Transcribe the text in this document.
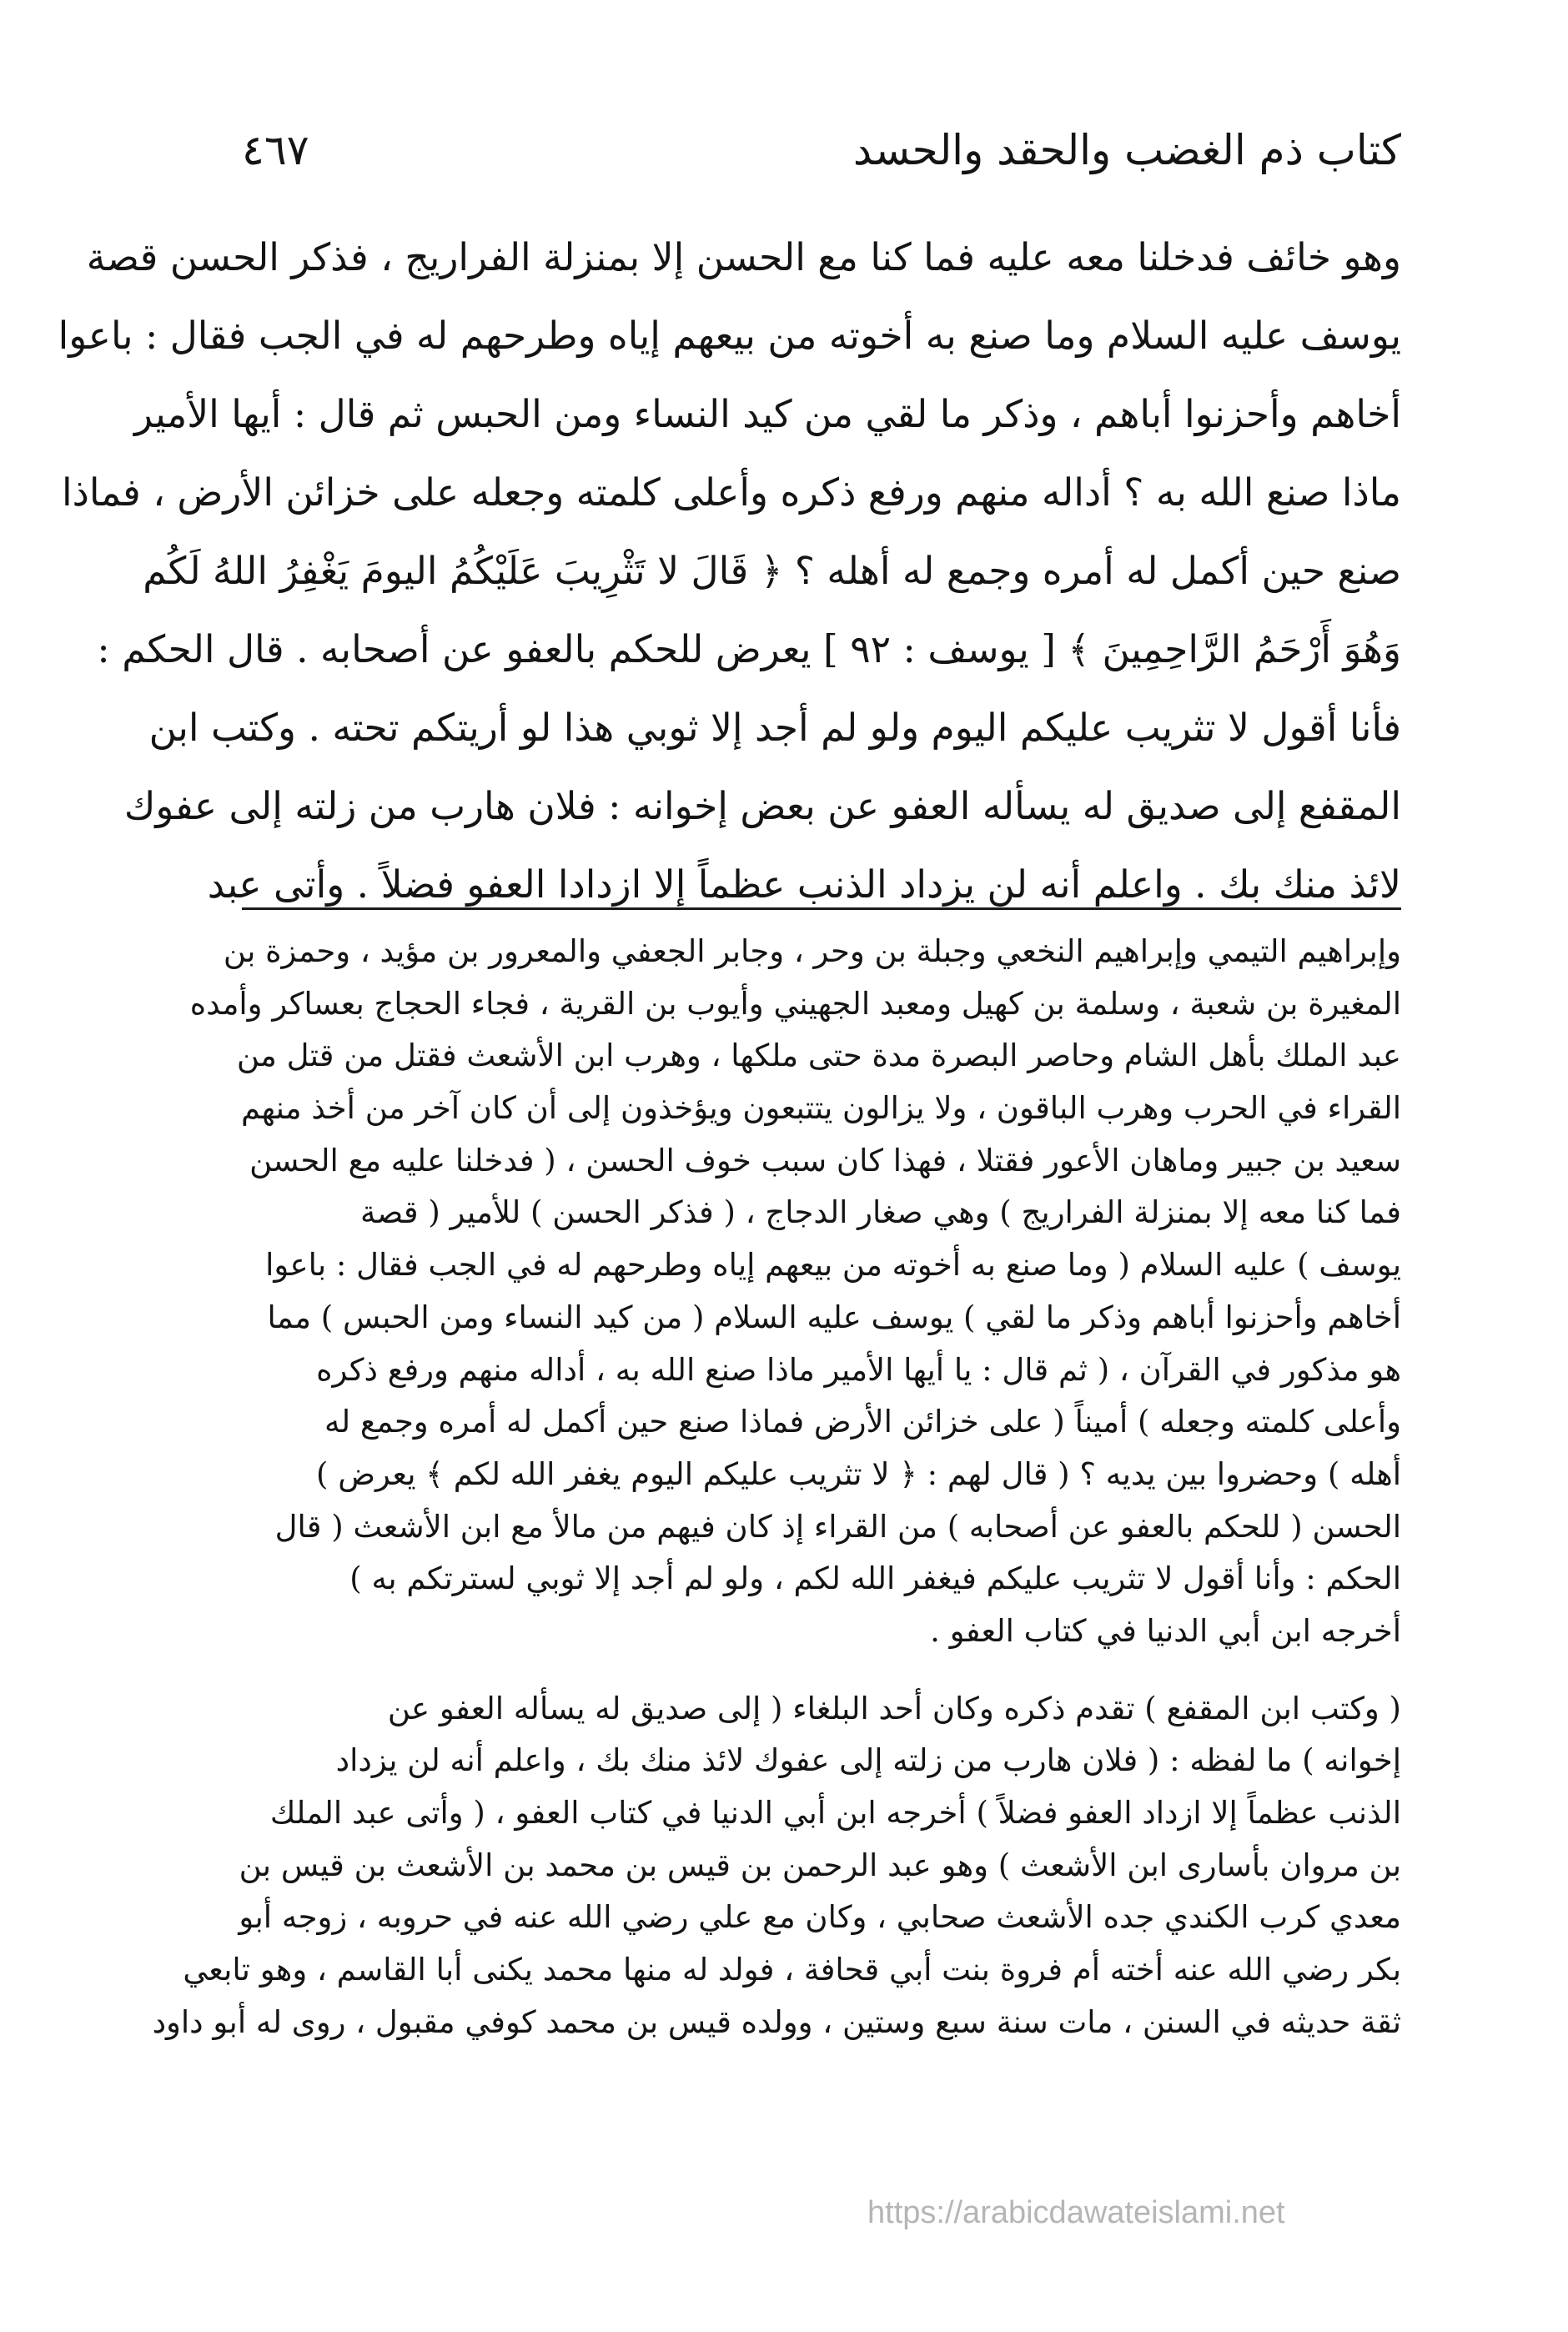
كتاب ذم الغضب والحقد والحسد
٤٦٧
وهو خائف فدخلنا معه عليه فما كنا مع الحسن إلا بمنزلة الفراريج ، فذكر الحسن قصة
يوسف عليه السلام وما صنع به أخوته من بيعهم إياه وطرحهم له في الجب فقال : باعوا
أخاهم وأحزنوا أباهم ، وذكر ما لقي من كيد النساء ومن الحبس ثم قال : أيها الأمير
ماذا صنع الله به ؟ أداله منهم ورفع ذكره وأعلى كلمته وجعله على خزائن الأرض ، فماذا
صنع حين أكمل له أمره وجمع له أهله ؟ ﴿ قَالَ لا تَثْرِيبَ عَلَيْكُمُ اليومَ يَغْفِرُ اللهُ لَكُم
وَهُوَ أَرْحَمُ الرَّاحِمِينَ ﴾ [ يوسف : ٩٢ ] يعرض للحكم بالعفو عن أصحابه . قال الحكم :
فأنا أقول لا تثريب عليكم اليوم ولو لم أجد إلا ثوبي هذا لو أريتكم تحته . وكتب ابن
المقفع إلى صديق له يسأله العفو عن بعض إخوانه : فلان هارب من زلته إلى عفوك
لائذ منك بك . واعلم أنه لن يزداد الذنب عظماً إلا ازدادا العفو فضلاً . وأتى عبد
وإبراهيم التيمي وإبراهيم النخعي وجبلة بن وحر ، وجابر الجعفي والمعرور بن مؤيد ، وحمزة بن
المغيرة بن شعبة ، وسلمة بن كهيل ومعبد الجهيني وأيوب بن القرية ، فجاء الحجاج بعساكر وأمده
عبد الملك بأهل الشام وحاصر البصرة مدة حتى ملكها ، وهرب ابن الأشعث فقتل من قتل من
القراء في الحرب وهرب الباقون ، ولا يزالون يتتبعون ويؤخذون إلى أن كان آخر من أخذ منهم
سعيد بن جبير وماهان الأعور فقتلا ، فهذا كان سبب خوف الحسن ، ( فدخلنا عليه مع الحسن
فما كنا معه إلا بمنزلة الفراريج ) وهي صغار الدجاج ، ( فذكر الحسن ) للأمير ( قصة
يوسف ) عليه السلام ( وما صنع به أخوته من بيعهم إياه وطرحهم له في الجب فقال : باعوا
أخاهم وأحزنوا أباهم وذكر ما لقي ) يوسف عليه السلام ( من كيد النساء ومن الحبس ) مما
هو مذكور في القرآن ، ( ثم قال : يا أيها الأمير ماذا صنع الله به ، أداله منهم ورفع ذكره
وأعلى كلمته وجعله ) أميناً ( على خزائن الأرض فماذا صنع حين أكمل له أمره وجمع له
أهله ) وحضروا بين يديه ؟ ( قال لهم : ﴿ لا تثريب عليكم اليوم يغفر الله لكم ﴾ يعرض )
الحسن ( للحكم بالعفو عن أصحابه ) من القراء إذ كان فيهم من مالأ مع ابن الأشعث ( قال
الحكم : وأنا أقول لا تثريب عليكم فيغفر الله لكم ، ولو لم أجد إلا ثوبي لسترتكم به )
أخرجه ابن أبي الدنيا في كتاب العفو .
( وكتب ابن المقفع ) تقدم ذكره وكان أحد البلغاء ( إلى صديق له يسأله العفو عن
إخوانه ) ما لفظه : ( فلان هارب من زلته إلى عفوك لائذ منك بك ، واعلم أنه لن يزداد
الذنب عظماً إلا ازداد العفو فضلاً ) أخرجه ابن أبي الدنيا في كتاب العفو ، ( وأتى عبد الملك
بن مروان بأسارى ابن الأشعث ) وهو عبد الرحمن بن قيس بن محمد بن الأشعث بن قيس بن
معدي كرب الكندي جده الأشعث صحابي ، وكان مع علي رضي الله عنه في حروبه ، زوجه أبو
بكر رضي الله عنه أخته أم فروة بنت أبي قحافة ، فولد له منها محمد يكنى أبا القاسم ، وهو تابعي
ثقة حديثه في السنن ، مات سنة سبع وستين ، وولده قيس بن محمد كوفي مقبول ، روى له أبو داود
https://arabicdawateislami.net
